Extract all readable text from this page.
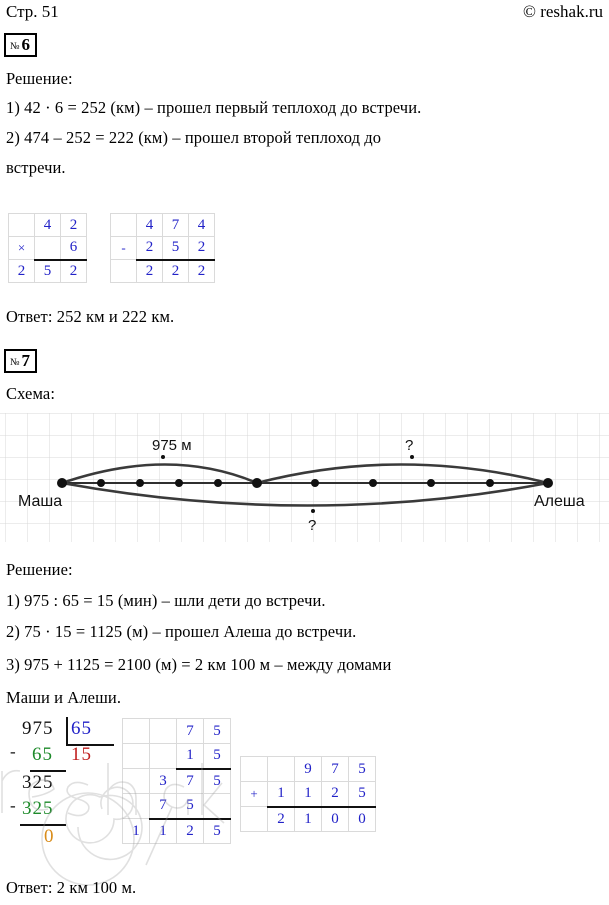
Стр. 51	© reshak.ru
№ 6
Решение:
1) 42 · 6 = 252 (км) – прошел первый теплоход до встречи.
2) 474 – 252 = 222 (км) – прошел второй теплоход до
встречи.
	4	2
×		6
2	5	2
	4	7	4
-	2	5	2
	2	2	2
Ответ: 252 км и 222 км.
№ 7
Схема:
975 м	?
?
Маша	Алеша
Решение:
1) 975 : 65 = 15 (мин) – шли дети до встречи.
2) 75 · 15 = 1125 (м) – прошел Алеша до встречи.
3) 975 + 1125 = 2100 (м) = 2 км 100 м – между домами
Маши и Алеши.
975 65
- 65 15
325
- 325
0
		7	5
		1	5
	3	7	5
	7	5	
1	1	2	5
		9	7	5
+	1	1	2	5
	2	1	0	0
Ответ: 2 км 100 м.
